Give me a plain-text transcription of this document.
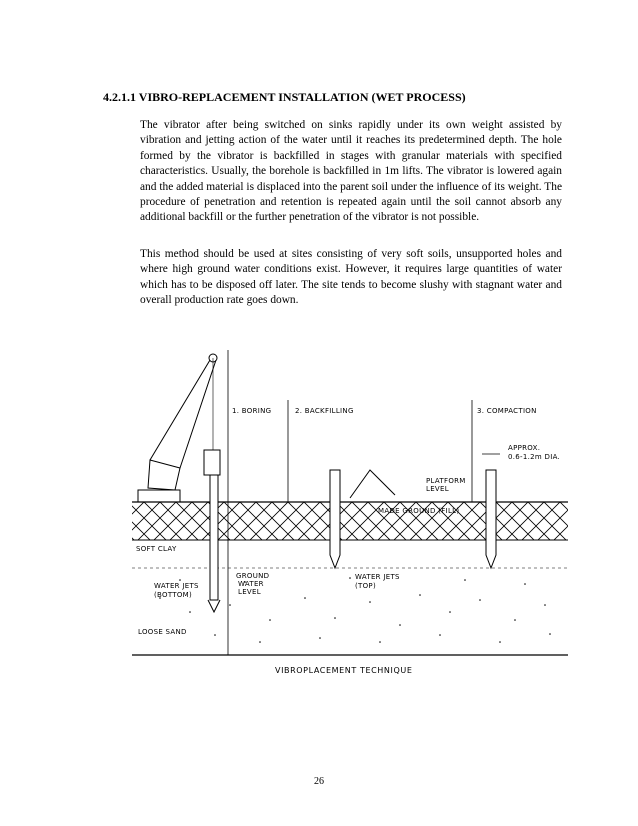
4.2.1.1 VIBRO-REPLACEMENT INSTALLATION (WET PROCESS)

The vibrator after being switched on sinks rapidly under its own weight assisted by vibration and jetting action of the water until it reaches its predetermined depth. The hole formed by the vibrator is backfilled in stages with granular materials with specified characteristics. Usually, the borehole is backfilled in 1m lifts. The vibrator is lowered again and the added material is displaced into the parent soil under the influence of its weight. The procedure of penetration and retention is repeated again until the soil cannot absorb any additional backfill or the further penetration of the vibrator is not possible.

This method should be used at sites consisting of very soft soils, unsupported holes and where high ground water conditions exist. However, it requires large quantities of water which has to be disposed off later. The site tends to become slushy with stagnant water and overall production rate goes down.

1. BORING	2. BACKFILLING	3. COMPACTION
APPROX.
0.6-1.2m DIA.
PLATFORM
LEVEL
MADE GROUND (FILL)
SOFT CLAY
GROUND
WATER
LEVEL
WATER JETS
(BOTTOM)
WATER JETS
(TOP)
LOOSE SAND
VIBROPLACEMENT TECHNIQUE
26
